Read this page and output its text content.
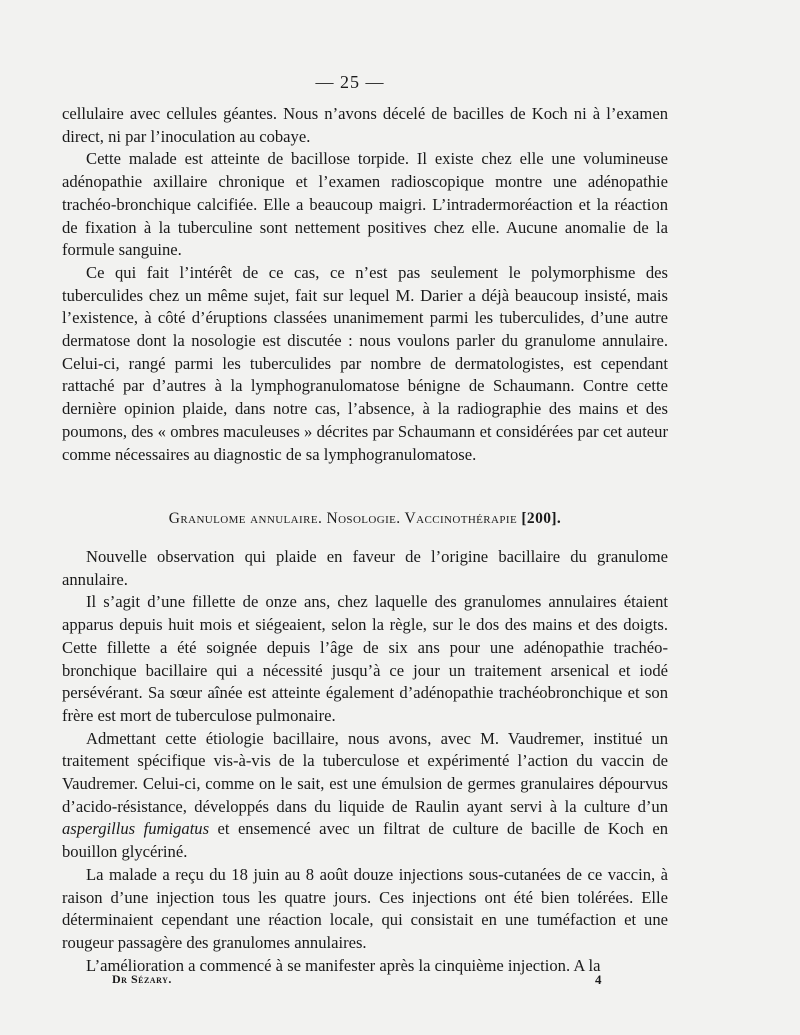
— 25 —

cellulaire avec cellules géantes. Nous n’avons décelé de bacilles de Koch ni à l’examen direct, ni par l’inoculation au cobaye.

Cette malade est atteinte de bacillose torpide. Il existe chez elle une volumineuse adénopathie axillaire chronique et l’examen radioscopique montre une adénopathie trachéo-bronchique calcifiée. Elle a beaucoup maigri. L’intradermoréaction et la réaction de fixation à la tuberculine sont nettement positives chez elle. Aucune anomalie de la formule sanguine.

Ce qui fait l’intérêt de ce cas, ce n’est pas seulement le polymorphisme des tuberculides chez un même sujet, fait sur lequel M. Darier a déjà beaucoup insisté, mais l’existence, à côté d’éruptions classées unanimement parmi les tuberculides, d’une autre dermatose dont la nosologie est discutée : nous voulons parler du granulome annulaire. Celui-ci, rangé parmi les tuberculides par nombre de dermatologistes, est cependant rattaché par d’autres à la lymphogranulomatose bénigne de Schaumann. Contre cette dernière opinion plaide, dans notre cas, l’absence, à la radiographie des mains et des poumons, des « ombres maculeuses » décrites par Schaumann et considérées par cet auteur comme nécessaires au diagnostic de sa lymphogranulomatose.

Granulome annulaire. Nosologie. Vaccinothérapie [200].

Nouvelle observation qui plaide en faveur de l’origine bacillaire du granulome annulaire.

Il s’agit d’une fillette de onze ans, chez laquelle des granulomes annulaires étaient apparus depuis huit mois et siégeaient, selon la règle, sur le dos des mains et des doigts. Cette fillette a été soignée depuis l’âge de six ans pour une adénopathie trachéo-bronchique bacillaire qui a nécessité jusqu’à ce jour un traitement arsenical et iodé persévérant. Sa sœur aînée est atteinte également d’adénopathie trachéobronchique et son frère est mort de tuberculose pulmonaire.

Admettant cette étiologie bacillaire, nous avons, avec M. Vaudremer, institué un traitement spécifique vis-à-vis de la tuberculose et expérimenté l’action du vaccin de Vaudremer. Celui-ci, comme on le sait, est une émulsion de germes granulaires dépourvus d’acido-résistance, développés dans du liquide de Raulin ayant servi à la culture d’un aspergillus fumigatus et ensemencé avec un filtrat de culture de bacille de Koch en bouillon glycériné.

La malade a reçu du 18 juin au 8 août douze injections sous-cutanées de ce vaccin, à raison d’une injection tous les quatre jours. Ces injections ont été bien tolérées. Elle déterminaient cependant une réaction locale, qui consistait en une tuméfaction et une rougeur passagère des granulomes annulaires.

L’amélioration a commencé à se manifester après la cinquième injection. A la

Dr Sézary.	4
